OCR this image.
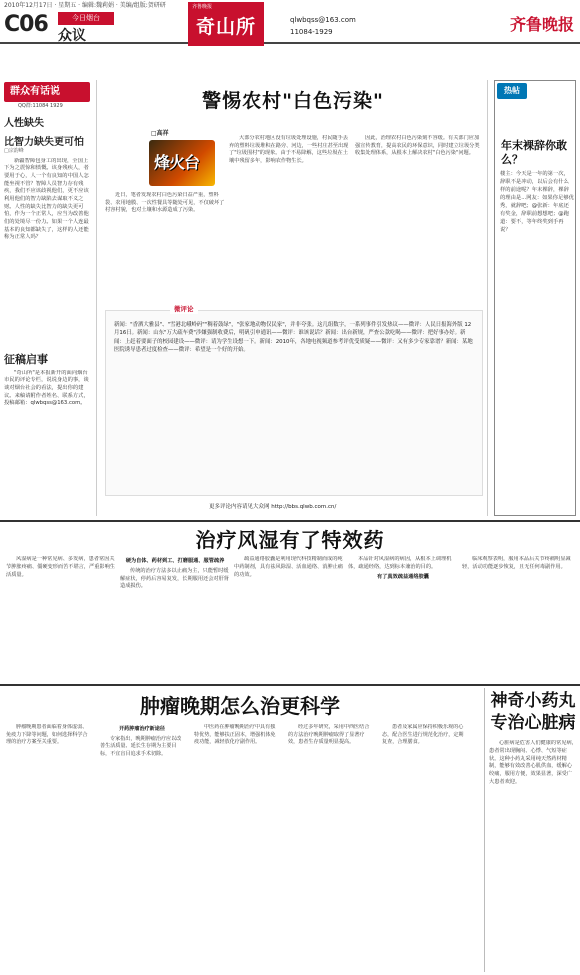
2010年12月17日 · 星期五 · 编辑:魏莉娟 · 美编/组版:贺研研
C06	今日烟台
众议
齐鲁晚报
奇山所	qlwbqss@163.com
11084-1929	齐鲁晚报
群众有话说
QQ群:11084 1929
人性缺失
比智力缺失更可怕
□宗韵峰
新疆智障包身工的出现，全国上下为之震惊和愤慨。该身残疾人，者要用于心，人一个有良知的中国人怎能坐视不管？智障人员智力存有残疾，我们不应该歧视他们，更不应该利用他们的智力缺陷去谋取不义之财。人性的缺失比智力的缺失更可怕，作为一个正常人，应当为改善他们的处境尽一份力。如果一个人连最基本的良知都缺失了，这样的人还能称为正常人吗？
征稿启事
"奇山所"是本报新开的面向烟台市民的评论专栏，说说身边的事，谈谈对烟台社会的看法，提出你的建议。来稿请附作者姓名、联系方式，投稿邮箱：qlwbqss@163.com。
警惕农村"白色污染"
□高祥
烽火台
近日，笔者发现农村白色污染日益严重，塑料袋、农用地膜、一次性餐具等随处可见，不仅破坏了村容村貌，也对土壤和水源造成了污染。
大部分农村地区没有垃圾处理设施，村民随手丢弃的塑料垃圾堆积在路旁、河边，一些村庄甚至出现了"垃圾围村"的现象。由于不易降解，这些垃圾在土壤中残留多年，影响农作物生长。
因此，治理农村白色污染刻不容缓。有关部门应加强宣传教育，提高农民的环保意识，同时建立垃圾分类收集处理体系，从根本上解决农村"白色污染"问题。
微评论
新闻："香洒大雅县"、"雪港北峨岭码""稠着鼓绿"，"张家地动物仅民家"，并非夸张。这几组数字，一系列事件引发热议——微评：人民日报海外版 12月16日。新闻：山东"万大疏车费"涉嫌强制收费后，明矾引申通讯——微评：谁该说话？新闻：出台新规，严查公款吃喝——微评：把好事办好。新闻：上赶着要面子的校园建设——微评：请为学生设想一下。新闻：2010年，各地电视频道参考评优受质疑——微评：又有多少专家靠谱？新闻：某地医院诱导患者过度检查——微评：希望是一个好的开始。
更多评论内容请见大众网 http://bbs.qlwb.com.cn/
热帖
年末裸辞你敢么？
楼主：今天是一年的第一次，辞职不是冲动，以后会有什么样的前途呢？年末裸辞，裸辞的理由是...网友：如果你足够优秀，就辞吧；@张新：年底还有奖金，辞职前想想吧；@跑道：要不，等年终奖到手再说？
治疗风湿有了特效药
风湿病是一种常见病、多发病，患者常因关节肿胀疼痛、僵硬变形而苦不堪言，严重影响生活质量。
硬为自体、药材到工、打磨服通、服管疏养
传统的治疗方法多以止痛为主，只能暂时缓解症状，停药后容易复发，长期服用还会对肝肾造成损伤。
疏益通络胶囊是利用现代科技精制而成的纯中药制剂，具有祛风除湿、活血通络、消肿止痛的功效。
本品针对风湿病的病因，从根本上调理机体，疏通经络，达到标本兼治的目的。
有了真效疏益通络胶囊
临床观察表明，服用本品后关节疼痛明显减轻，活动功能逐步恢复，且无任何毒副作用。
肿瘤晚期怎么治更科学
肿瘤晚期患者面临着身体虚弱、免疫力下降等问题，如何选择科学合理的治疗方案至关重要。
开药肿瘤治疗新途径
专家指出，晚期肿瘤治疗应以改善生活质量、延长生存期为主要目标，不宜盲目追求手术切除。
中医药在肿瘤晚期治疗中具有独特优势，能够扶正固本，增强机体免疫功能，减轻放化疗副作用。
经过多年研究，采用中西医结合的方法治疗晚期肿瘤取得了显著疗效，患者生存质量明显提高。
患者及家属应保持积极乐观的心态，配合医生进行规范化治疗，定期复查，合理膳食。
神奇小药丸专治心脏病
心脏病是危害人们健康的常见病，患者常出现胸闷、心悸、气短等症状。这种小药丸采用纯天然药材精制，能够有效改善心肌供血，缓解心绞痛，服用方便，效果显著，深受广大患者欢迎。
